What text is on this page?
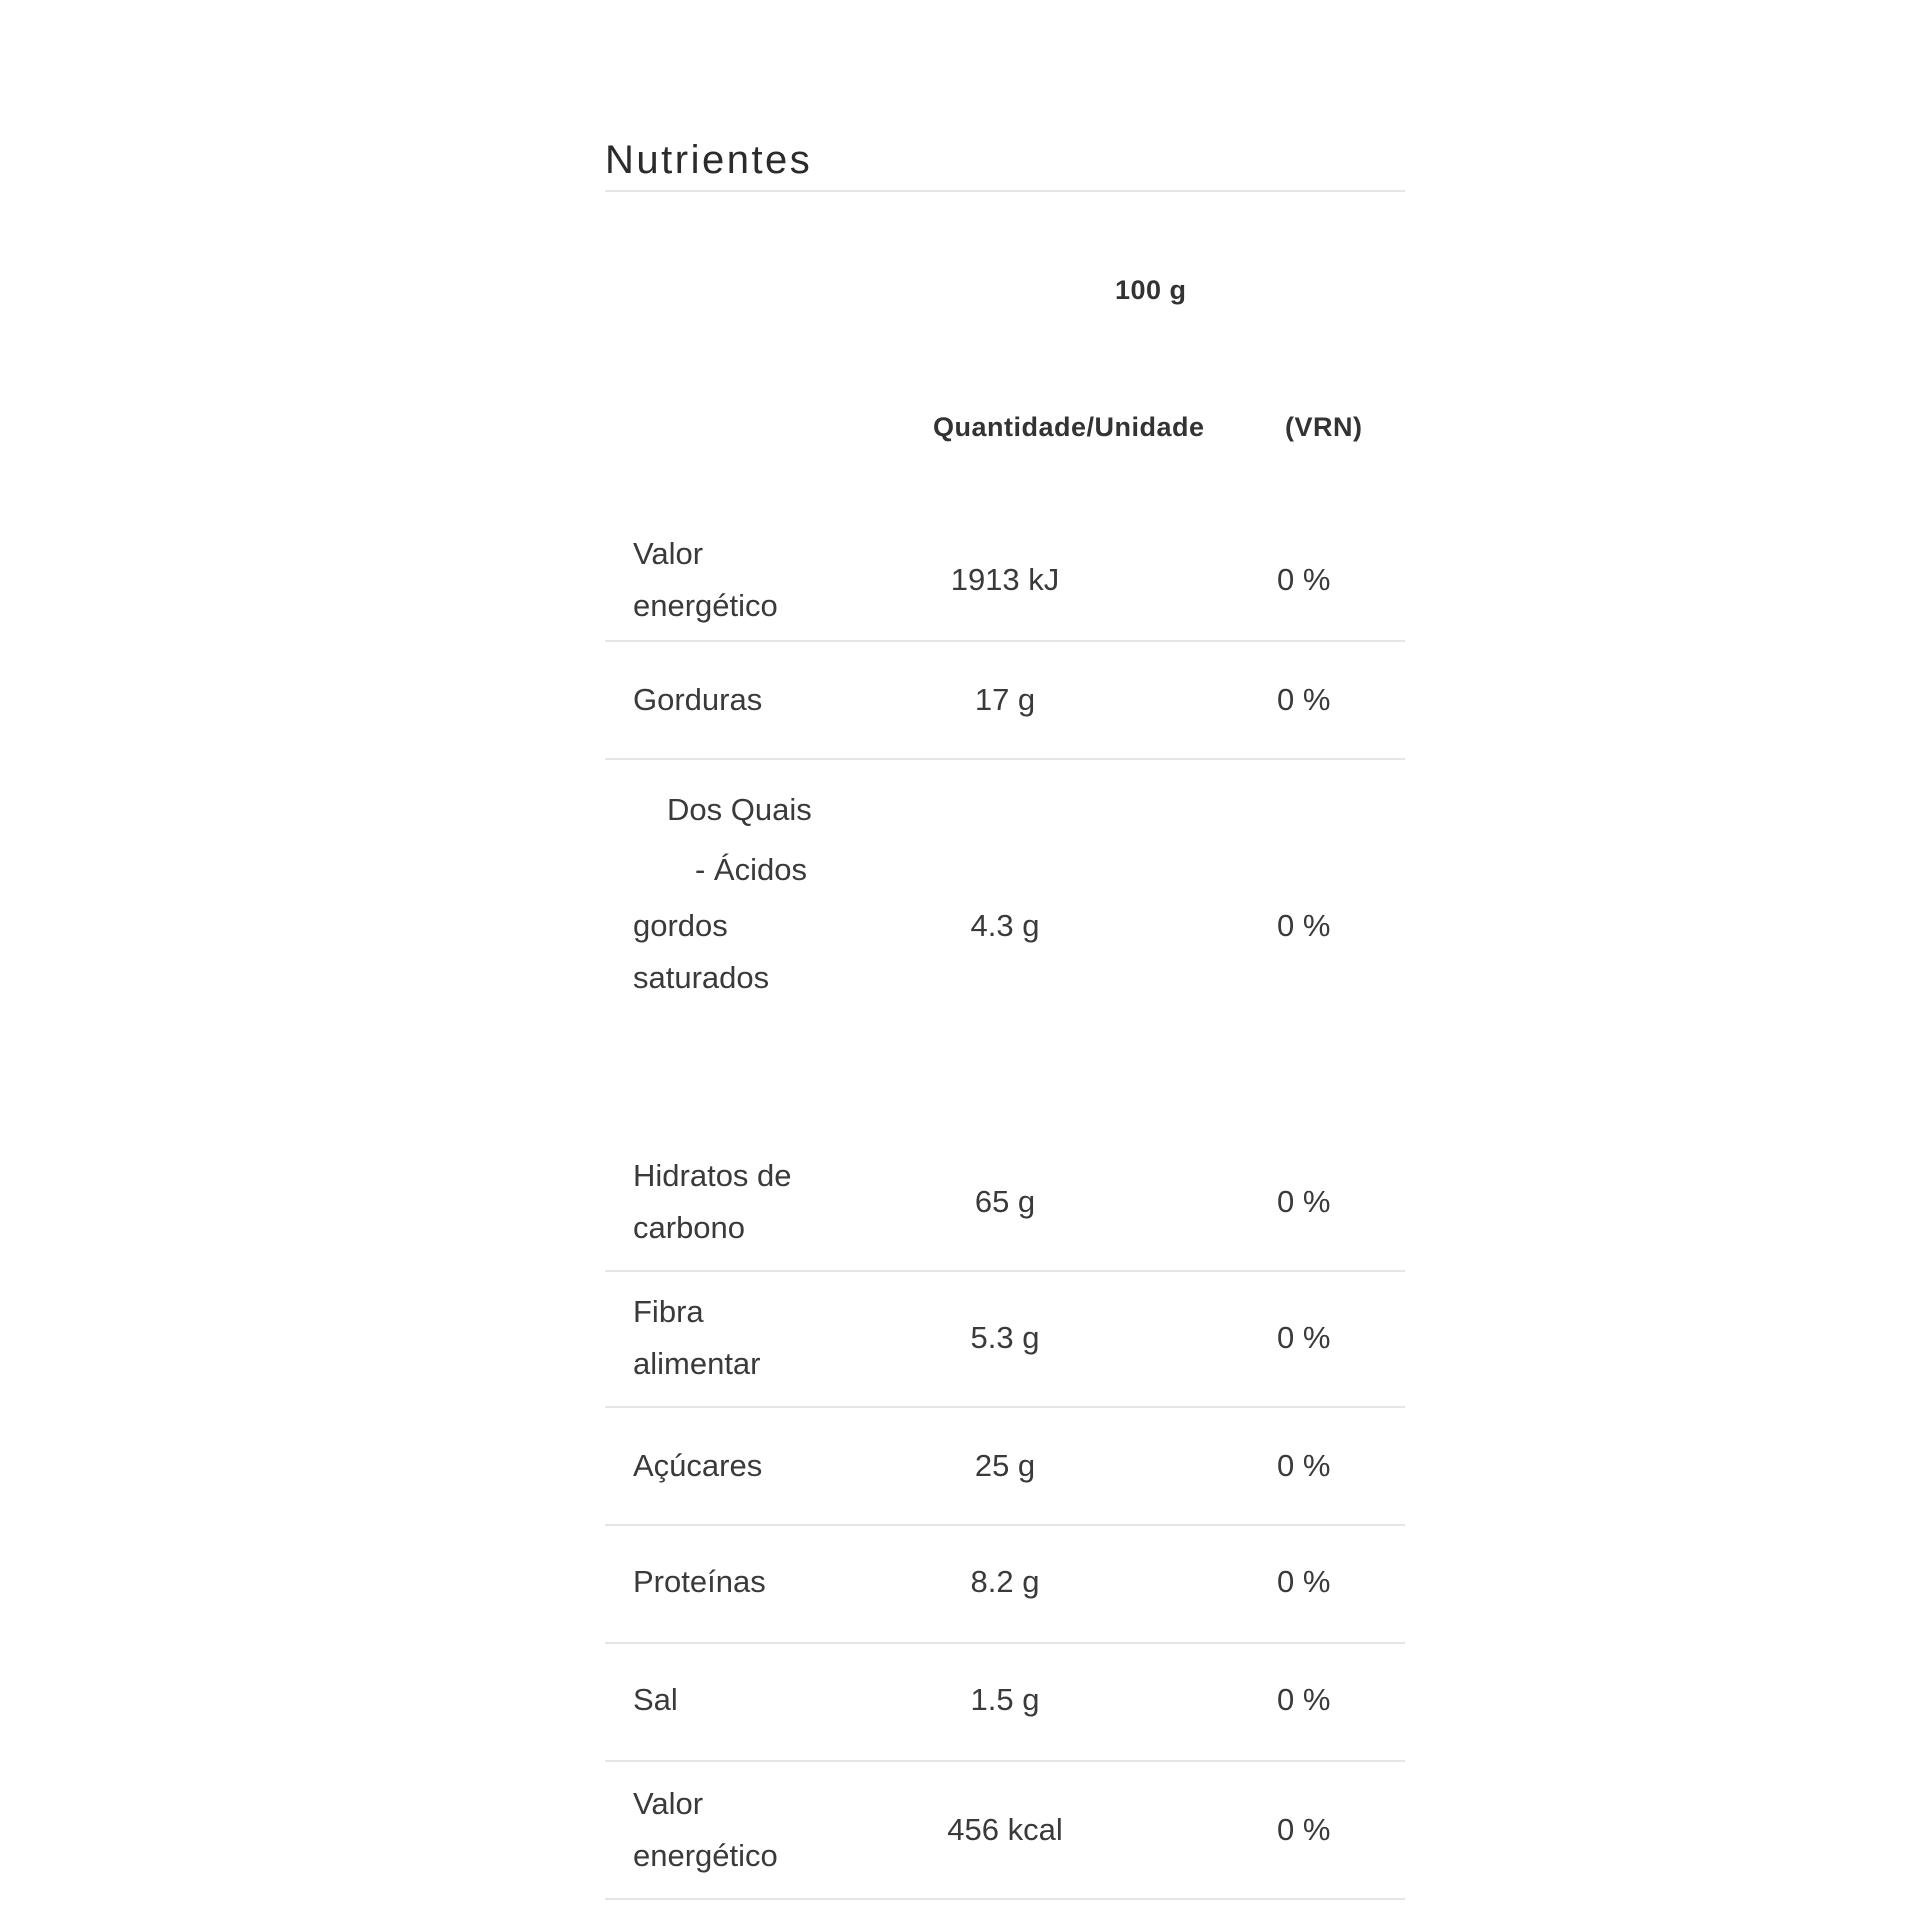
Nutrientes
100 g
Quantidade/Unidade	(VRN)
Valor
energético
1913 kJ	0 %
Gorduras	17 g	0 %
Dos Quais
- Ácidos
gordos
saturados
4.3 g	0 %
Hidratos de
carbono
65 g	0 %
Fibra
alimentar
5.3 g	0 %
Açúcares	25 g	0 %
Proteínas	8.2 g	0 %
Sal	1.5 g	0 %
Valor
energético
456 kcal	0 %
